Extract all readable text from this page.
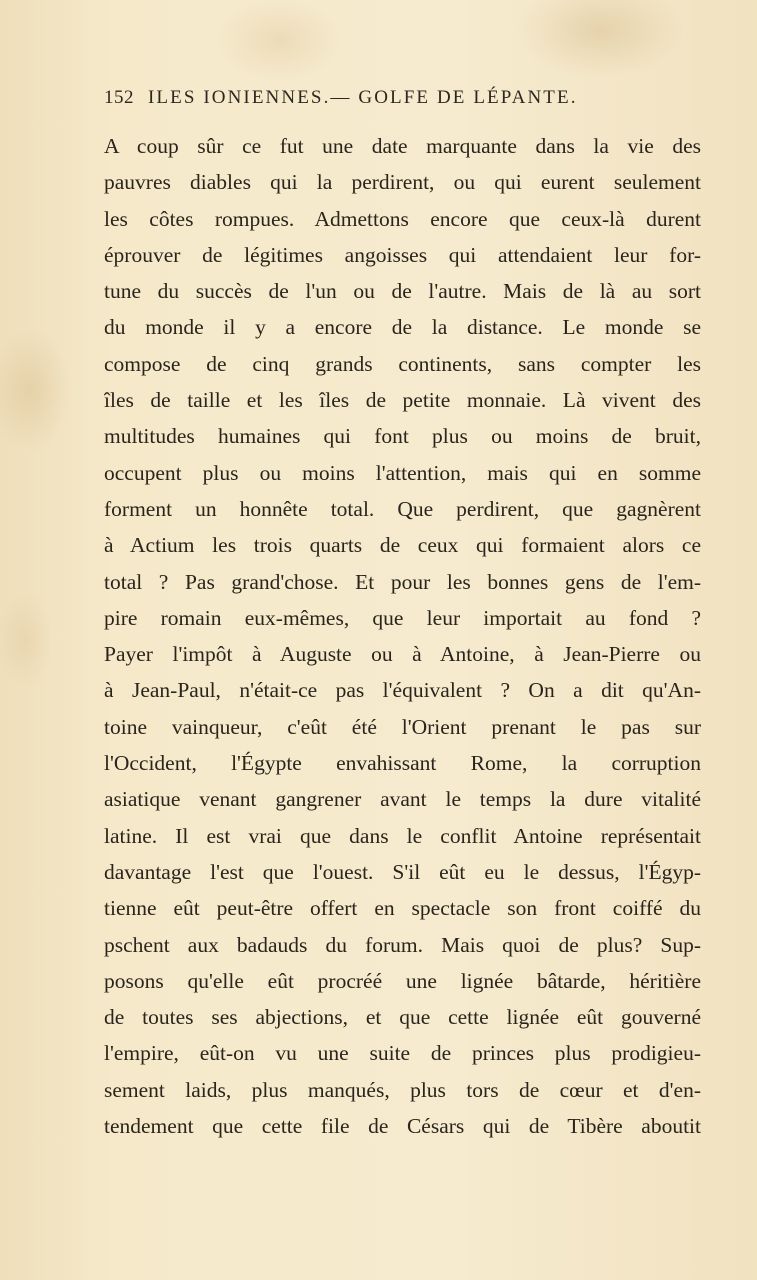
152 ILES IONIENNES.— GOLFE DE LÉPANTE.
A coup sûr ce fut une date marquante dans la vie des
pauvres diables qui la perdirent, ou qui eurent seulement
les côtes rompues. Admettons encore que ceux-là durent
éprouver de légitimes angoisses qui attendaient leur for-
tune du succès de l'un ou de l'autre. Mais de là au sort
du monde il y a encore de la distance. Le monde se
compose de cinq grands continents, sans compter les
îles de taille et les îles de petite monnaie. Là vivent des
multitudes humaines qui font plus ou moins de bruit,
occupent plus ou moins l'attention, mais qui en somme
forment un honnête total. Que perdirent, que gagnèrent
à Actium les trois quarts de ceux qui formaient alors ce
total ? Pas grand'chose. Et pour les bonnes gens de l'em-
pire romain eux-mêmes, que leur importait au fond ?
Payer l'impôt à Auguste ou à Antoine, à Jean-Pierre ou
à Jean-Paul, n'était-ce pas l'équivalent ? On a dit qu'An-
toine vainqueur, c'eût été l'Orient prenant le pas sur
l'Occident, l'Égypte envahissant Rome, la corruption
asiatique venant gangrener avant le temps la dure vitalité
latine. Il est vrai que dans le conflit Antoine représentait
davantage l'est que l'ouest. S'il eût eu le dessus, l'Égyp-
tienne eût peut-être offert en spectacle son front coiffé du
pschent aux badauds du forum. Mais quoi de plus? Sup-
posons qu'elle eût procréé une lignée bâtarde, héritière
de toutes ses abjections, et que cette lignée eût gouverné
l'empire, eût-on vu une suite de princes plus prodigieu-
sement laids, plus manqués, plus tors de cœur et d'en-
tendement que cette file de Césars qui de Tibère aboutit
